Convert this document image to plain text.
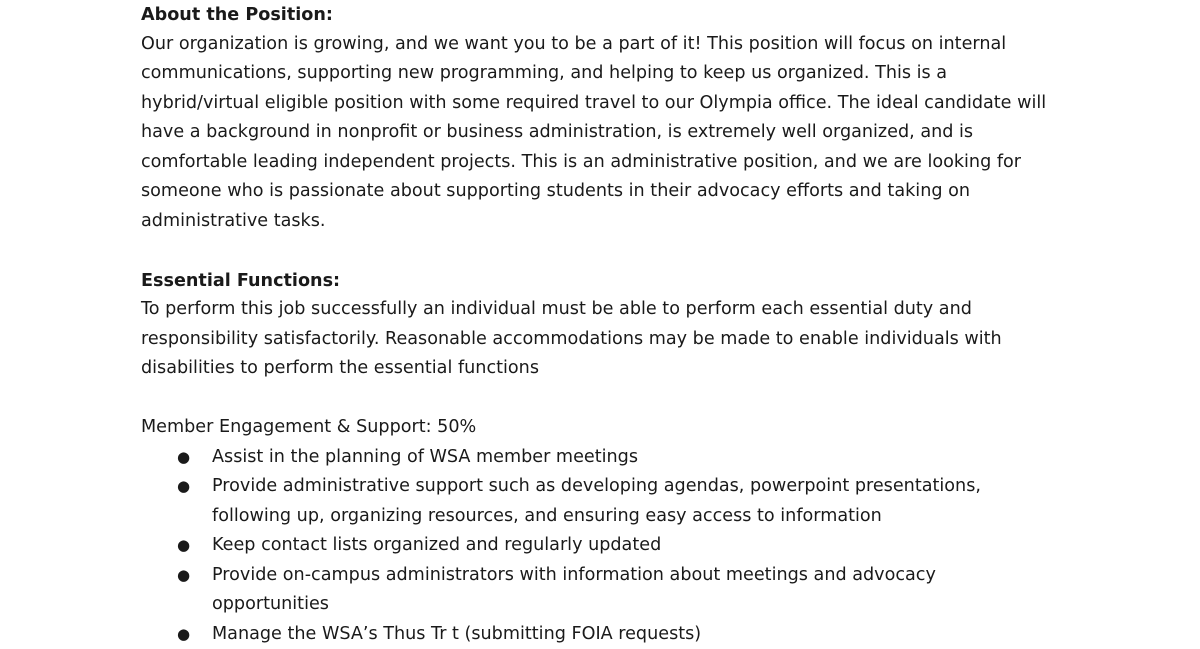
About the Position:

Our organization is growing, and we want you to be a part of it! This position will focus on internal
communications, supporting new programming, and helping to keep us organized. This is a
hybrid/virtual eligible position with some required travel to our Olympia office. The ideal candidate will
have a background in nonprofit or business administration, is extremely well organized, and is
comfortable leading independent projects. This is an administrative position, and we are looking for
someone who is passionate about supporting students in their advocacy efforts and taking on
administrative tasks.

Essential Functions:

To perform this job successfully an individual must be able to perform each essential duty and
responsibility satisfactorily. Reasonable accommodations may be made to enable individuals with
disabilities to perform the essential functions

Member Engagement & Support: 50%

● Assist in the planning of WSA member meetings
● Provide administrative support such as developing agendas, powerpoint presentations,
following up, organizing resources, and ensuring easy access to information
● Keep contact lists organized and regularly updated
● Provide on-campus administrators with information about meetings and advocacy
opportunities
● Manage the WSA’s Thus Tr t (submitting FOIA requests)
